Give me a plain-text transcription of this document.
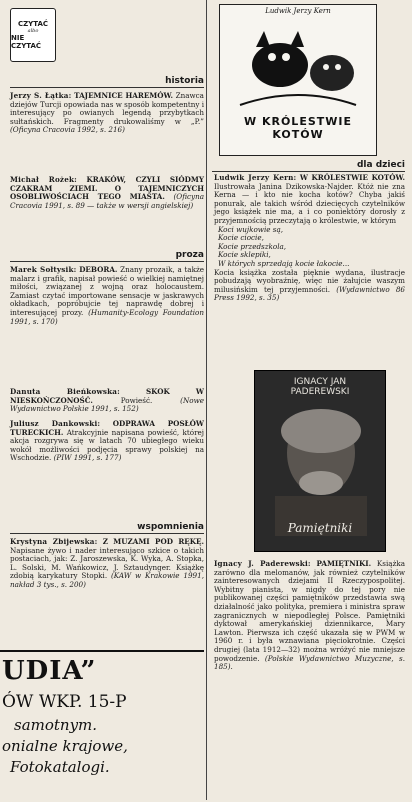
CZYTAĆ
albo
NIE CZYTAĆ
historia
Jerzy S. Łątka: TAJEMNICE HAREMÓW. Znawca dziejów Turcji opowiada nas w sposób kompetentny i interesujący po owianych legendą przybytkach sułtańskich. Fragmenty drukowaliśmy w „P.” (Oficyna Cracovia 1992, s. 216)
Michał Rożek: KRAKÓW, CZYLI SIÓDMY CZAKRAM ZIEMI. O TAJEMNICZYCH OSOBLIWOŚCIACH TEGO MIASTA. (Oficyna Cracovia 1991, s. 89 — także w wersji angielskiej)
proza
Marek Sołtysik: DEBORA. Znany prozaik, a także malarz i grafik, napisał powieść o wielkiej namiętnej miłości, związanej z wojną oraz holocaustem. Zamiast czytać importowane sensacje w jaskrawych okładkach, popróbujcie tej naprawdę dobrej i interesującej prozy. (Humanity-Ecology Foundation 1991, s. 170)
Danuta Bieńkowska:	SKOK W NIESKOŃCZONOŚĆ.	Powieść.	(Nowe Wydawnictwo Polskie 1991, s. 152)
Juliusz Dankowski: ODPRAWA POSŁÓW TURECKICH. Atrakcyjnie napisana powieść, której akcja rozgrywa się w latach 70 ubiegłego wieku wokół możliwości podjęcia sprawy polskiej na Wschodzie. (PIW 1991, s. 177)
wspomnienia
Krystyna Zbijewska: Z MUZAMI POD RĘKĘ. Napisane żywo i nader interesująco szkice o takich postaciach, jak: Z. Jaroszewska, K. Wyka, A. Stopka, L. Solski, M. Wańkowicz, J. Sztaudynger. Książkę zdobią karykatury Stopki. (KAW w Krakowie 1991, nakład 3 tys., s. 200)
UDIA”
ÓW WKP. 15-P
samotnym.
onialne krajowe,
Fotokatalogi.
Ludwik Jerzy Kern
W KRÓLESTWIE KOTÓW
dla dzieci
Ludwik Jerzy Kern: W KRÓLESTWIE KOTÓW. Ilustrowała Janina Dzikowska-Najder. Któż nie zna Kerna — i kto nie kocha kotów? Chyba jakiś ponurak, ale takich wśród dziecięcych czytelników jego książek nie ma, a i co poniektóry dorosły z przyjemnością przeczytają o królestwie, w którym
Koci wujkowie są,
Kocie ciocie,
Kocie przedszkola,
Kocie sklepiki,
W których sprzedają kocie łakocie...
Kocia książka została pięknie wydana, ilustracje pobudzają wyobraźnię, więc nie żałujcie waszym milusińskim tej przyjemności. (Wydawnictwo 86 Press 1992, s. 35)
IGNACY JAN
PADEREWSKI
Pamiętniki
Ignacy J. Paderewski: PAMIĘTNIKI. Książka zarówno dla melomanów, jak również czytelników zainteresowanych dziejami II Rzeczypospolitej. Wybitny pianista, w nigdy do tej pory nie publikowanej części pamiętników przedstawia swą działalność jako polityka, premiera i ministra spraw zagranicznych w niepodległej Polsce. Pamiętniki dyktował amerykańskiej dziennikarce, Mary Lawton. Pierwsza ich część ukazała się w PWM w 1960 r. i była wznawiana pięciokrotnie. Części drugiej (lata 1912—32) można wróżyć nie mniejsze powodzenie. (Polskie Wydawnictwo Muzyczne, s. 185).
